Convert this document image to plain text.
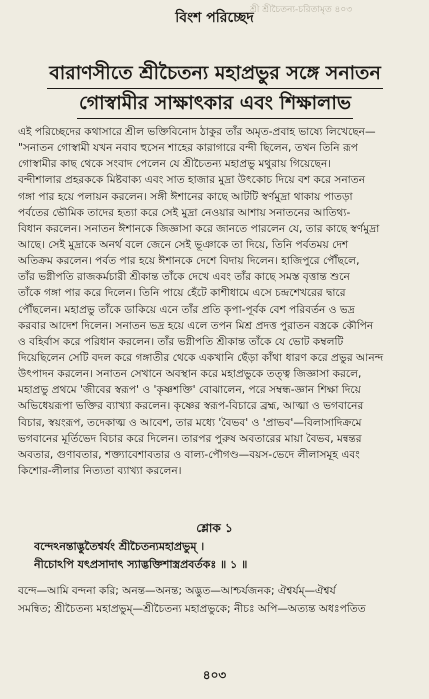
শ্রী শ্রীচৈতন্য-চরিতামৃত ৪০৩
বিংশ পরিচ্ছেদ
বারাণসীতে শ্রীচৈতন্য মহাপ্রভুর সঙ্গে সনাতন
গোস্বামীর সাক্ষাৎকার এবং শিক্ষালাভ
এই পরিচ্ছেদের কথাসারে শ্রীল ভক্তিবিনোদ ঠাকুর তাঁর অমৃত-প্রবাহ ভাষ্যে লিখেছেন—
"সনাতন গোস্বামী যখন নবাব হুসেন শাহের কারাগারে বন্দী ছিলেন, তখন তিনি রূপ
গোস্বামীর কাছ থেকে সংবাদ পেলেন যে শ্রীচৈতন্য মহাপ্রভু মথুরায় গিয়েছেন।
বন্দীশালার প্রহরককে মিষ্টবাক্য এবং সাত হাজার মুদ্রা উৎকোচ দিয়ে বশ করে সনাতন
গঙ্গা পার হয়ে পলায়ন করলেন। সঙ্গী ঈশানের কাছে আটটি স্বর্ণমুদ্রা থাকায় পাতড়া
পর্বতের ভৌমিক তাদের হত্যা করে সেই মুদ্রা নেওয়ার আশায় সনাতনের আতিথ্য-
বিধান করলেন। সনাতন ঈশানকে জিজ্ঞাসা করে জানতে পারলেন যে, তার কাছে স্বর্ণমুদ্রা
আছে। সেই মুদ্রাকে অনর্থ বলে জেনে সেই ভূঞাকে তা দিয়ে, তিনি পর্বতময় দেশ
অতিক্রম করলেন। পর্বত পার হয়ে ঈশানকে দেশে বিদায় দিলেন। হাজিপুরে পৌঁছলে,
তাঁর ভগ্নীপতি রাজকর্মচারী শ্রীকান্ত তাঁকে দেখে এবং তাঁর কাছে সমস্ত বৃত্তান্ত শুনে
তাঁকে গঙ্গা পার করে দিলেন। তিনি পায়ে হেঁটে কাশীধামে এসে চন্দ্রশেখরের দ্বারে
পৌঁছলেন। মহাপ্রভু তাঁকে ডাকিয়ে এনে তাঁর প্রতি কৃপা-পূর্বক বেশ পরিবর্তন ও ভদ্র
করবার আদেশ দিলেন। সনাতন ভদ্র হয়ে এলে তপন মিশ্র প্রদত্ত পুরাতন বস্ত্রকে কৌপিন
ও বহির্বাস করে পরিধান করলেন। তাঁর ভগ্নীপতি শ্রীকান্ত তাঁকে যে ভোট কম্বলটি
দিয়েছিলেন সেটি বদল করে গঙ্গাতীর থেকে একখানি ছেঁড়া কাঁথা ধারণ করে প্রভুর আনন্দ
উৎপাদন করলেন। সনাতন সেখানে অবস্থান করে মহাপ্রভুকে তত্ত্ব জিজ্ঞাসা করলে,
মহাপ্রভু প্রথমে 'জীবের স্বরূপ' ও 'কৃষ্ণশক্তি' বোঝালেন, পরে সম্বন্ধ-জ্ঞান শিক্ষা দিয়ে
অভিধেয়রূপা ভক্তির ব্যাখ্যা করলেন। কৃষ্ণের স্বরূপ-বিচারে ব্রহ্ম, আত্মা ও ভগবানের
বিচার, স্বয়ংরূপ, তদেকাত্ম ও আবেশ, তার মধ্যে 'বৈভব' ও 'প্রাভব'—বিলাসাদিক্রমে
ভগবানের মূর্তিভেদ বিচার করে দিলেন। তারপর পুরুষ অবতারের মায়া বৈভব, মন্বন্তর
অবতার, গুণাবতার, শক্ত্যাবেশাবতার ও বাল্য-পৌগণ্ড—বয়স-ভেদে লীলাসমূহ এবং
কিশোর-লীলার নিত্যতা ব্যাখ্যা করলেন।
শ্লোক ১
বন্দেঽনন্তাদ্ভুতৈশ্বর্যং শ্রীচৈতন্যমহাপ্রভুম্ ।
নীচোঽপি যৎপ্রসাদাৎ স্যাদ্ভক্তিশাস্ত্রপ্রবর্তকঃ ॥ ১ ॥
বন্দে—আমি বন্দনা করি; অনন্ত—অনন্ত; অদ্ভুত—আশ্চর্যজনক; ঐশ্বর্যম্—ঐশ্বর্য
সমন্বিত; শ্রীচৈতন্য মহাপ্রভুম্—শ্রীচৈতন্য মহাপ্রভুকে; নীচঃ অপি—অত্যন্ত অধঃপতিত
৪০৩
